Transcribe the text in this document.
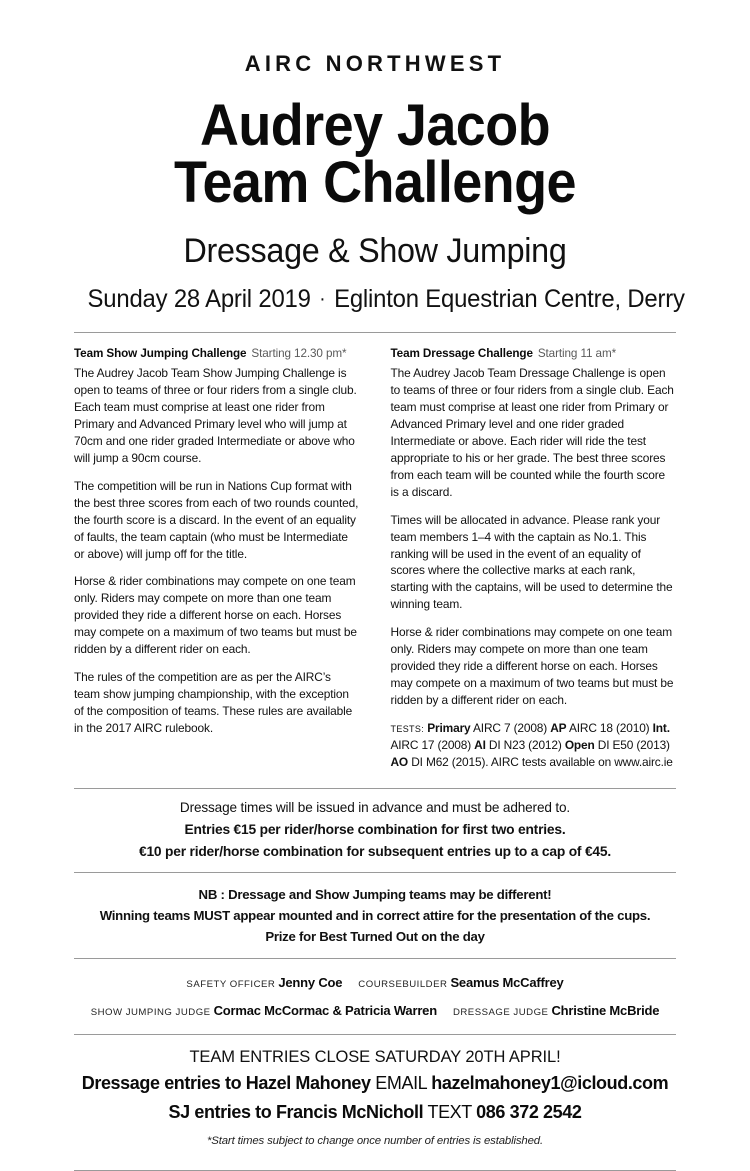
AIRC NORTHWEST
Audrey Jacob
Team Challenge
Dressage & Show Jumping
Sunday 28 April 2019 · Eglinton Equestrian Centre, Derry
Team Show Jumping Challenge Starting 12.30 pm*

The Audrey Jacob Team Show Jumping Challenge is open to teams of three or four riders from a single club. Each team must comprise at least one rider from Primary and Advanced Primary level who will jump at 70cm and one rider graded Intermediate or above who will jump a 90cm course.

The competition will be run in Nations Cup format with the best three scores from each of two rounds counted, the fourth score is a discard. In the event of an equality of faults, the team captain (who must be Intermediate or above) will jump off for the title.

Horse & rider combinations may compete on one team only. Riders may compete on more than one team provided they ride a different horse on each. Horses may compete on a maximum of two teams but must be ridden by a different rider on each.

The rules of the competition are as per the AIRC’s team show jumping championship, with the exception of the composition of teams. These rules are available in the 2017 AIRC rulebook.

Team Dressage Challenge Starting 11 am*

The Audrey Jacob Team Dressage Challenge is open to teams of three or four riders from a single club. Each team must comprise at least one rider from Primary or Advanced Primary level and one rider graded Intermediate or above. Each rider will ride the test appropriate to his or her grade. The best three scores from each team will be counted while the fourth score is a discard.

Times will be allocated in advance. Please rank your team members 1–4 with the captain as No.1. This ranking will be used in the event of an equality of scores where the collective marks at each rank, starting with the captains, will be used to determine the winning team.

Horse & rider combinations may compete on one team only. Riders may compete on more than one team provided they ride a different horse on each. Horses may compete on a maximum of two teams but must be ridden by a different rider on each.

TESTS: Primary AIRC 7 (2008) AP AIRC 18 (2010) Int. AIRC 17 (2008) AI DI N23 (2012) Open DI E50 (2013) AO DI M62 (2015). AIRC tests available on www.airc.ie
Dressage times will be issued in advance and must be adhered to.
Entries €15 per rider/horse combination for first two entries.
€10 per rider/horse combination for subsequent entries up to a cap of €45.
NB : Dressage and Show Jumping teams may be different!
Winning teams MUST appear mounted and in correct attire for the presentation of the cups.
Prize for Best Turned Out on the day
SAFETY OFFICER Jenny Coe COURSEBUILDER Seamus McCaffrey
SHOW JUMPING JUDGE Cormac McCormac & Patricia Warren DRESSAGE JUDGE Christine McBride
TEAM ENTRIES CLOSE SATURDAY 20TH APRIL!
Dressage entries to Hazel Mahoney EMAIL hazelmahoney1@icloud.com
SJ entries to Francis McNicholl TEXT 086 372 2542
*Start times subject to change once number of entries is established.
